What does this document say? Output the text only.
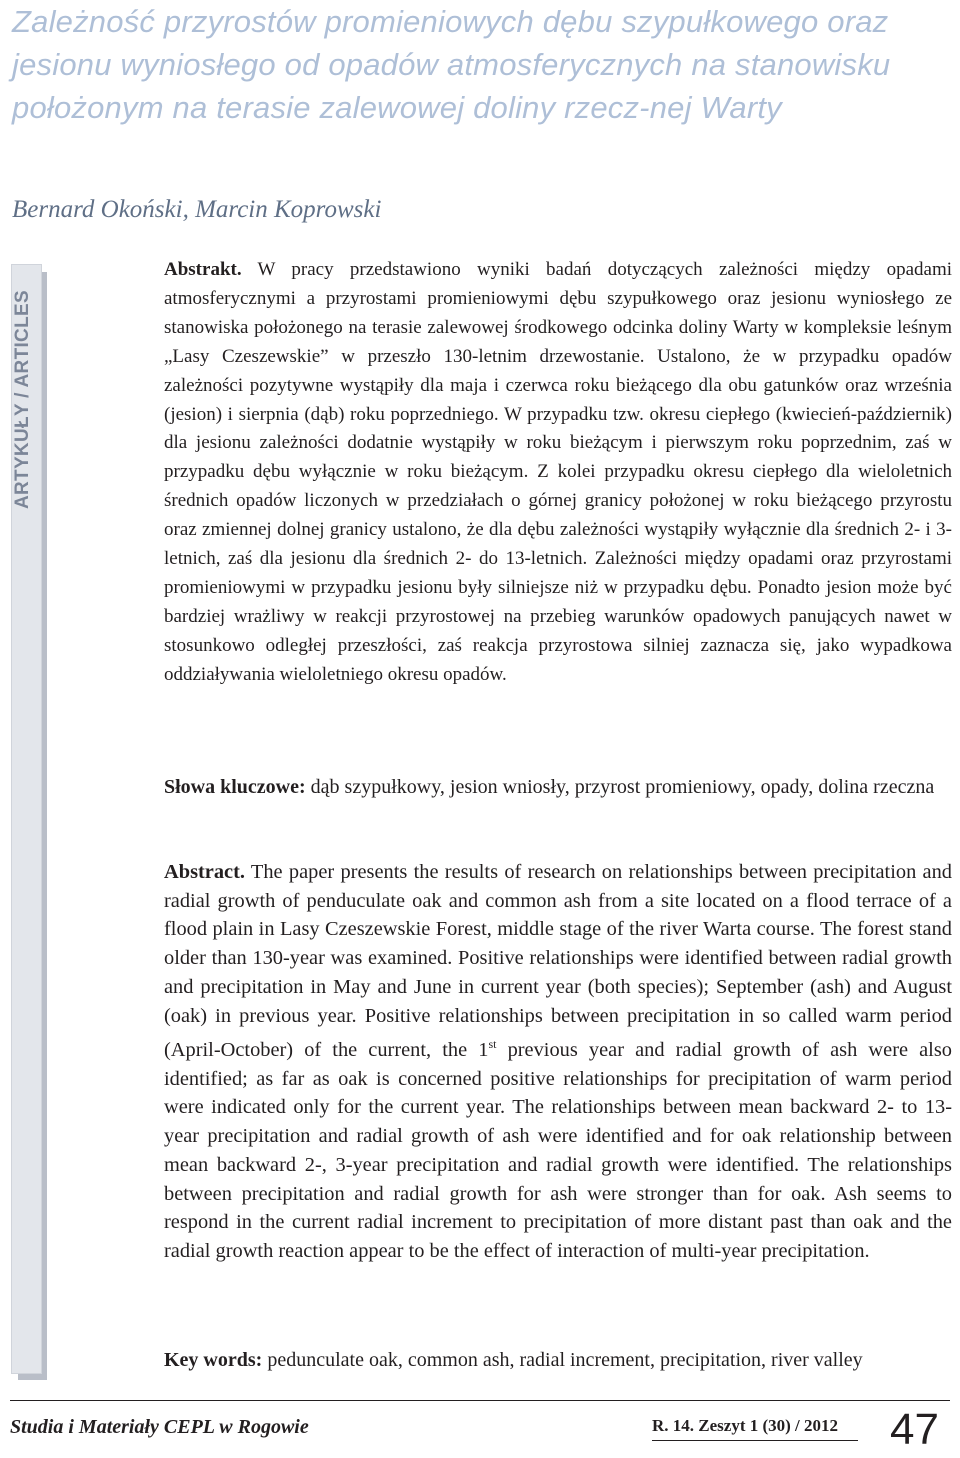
Zależność przyrostów promieniowych dębu szypułkowego oraz jesionu wyniosłego od opadów atmosferycznych na stanowisku położonym na terasie zalewowej doliny rzecz-nej Warty
Bernard Okoński, Marcin Koprowski
ARTYKUŁY / ARTICLES

Abstrakt. W pracy przedstawiono wyniki badań dotyczących zależności między opadami atmosferycznymi a przyrostami promieniowymi dębu szypułkowego oraz jesionu wyniosłego ze stanowiska położonego na terasie zalewowej środkowego odcinka doliny Warty w kompleksie leśnym „Lasy Czeszewskie” w przeszło 130-letnim drzewostanie. Ustalono, że w przypadku opadów zależności pozytywne wystąpiły dla maja i czerwca roku bieżącego dla obu gatunków oraz września (jesion) i sierpnia (dąb) roku poprzedniego. W przypadku tzw. okresu ciepłego (kwiecień-październik) dla jesionu zależności dodatnie wystąpiły w roku bieżącym i pierwszym roku poprzednim, zaś w przypadku dębu wyłącznie w roku bieżącym. Z kolei przypadku okresu ciepłego dla wieloletnich średnich opadów liczonych w przedziałach o górnej granicy położonej w roku bieżącego przyrostu oraz zmiennej dolnej granicy ustalono, że dla dębu zależności wystąpiły wyłącznie dla średnich 2- i 3-letnich, zaś dla jesionu dla średnich 2- do 13-letnich. Zależności między opadami oraz przyrostami promieniowymi w przypadku jesionu były silniejsze niż w przypadku dębu. Ponadto jesion może być bardziej wrażliwy w reakcji przyrostowej na przebieg warunków opadowych panujących nawet w stosunkowo odległej przeszłości, zaś reakcja przyrostowa silniej zaznacza się, jako wypadkowa oddziaływania wieloletniego okresu opadów.

Słowa kluczowe: dąb szypułkowy, jesion wniosły, przyrost promieniowy, opady, dolina rzeczna

Abstract. The paper presents the results of research on relationships between precipitation and radial growth of penduculate oak and common ash from a site located on a flood terrace of a flood plain in Lasy Czeszewskie Forest, middle stage of the river Warta course. The forest stand older than 130-year was examined. Positive relationships were identified between radial growth and precipitation in May and June in current year (both species); September (ash) and August (oak) in previous year. Positive relationships between precipitation in so called warm period (April-October) of the current, the 1st previous year and radial growth of ash were also identified; as far as oak is concerned positive relationships for precipitation of warm period were indicated only for the current year. The relationships between mean backward 2- to 13-year precipitation and radial growth of ash were identified and for oak relationship between mean backward 2-, 3-year precipitation and radial growth were identified. The relationships between precipitation and radial growth for ash were stronger than for oak. Ash seems to respond in the current radial increment to precipitation of more distant past than oak and the radial growth reaction appear to be the effect of interaction of multi-year precipitation.

Key words: pedunculate oak, common ash, radial increment, precipitation, river valley

Studia i Materiały CEPL w Rogowie	R. 14. Zeszyt 1 (30) / 2012 47
